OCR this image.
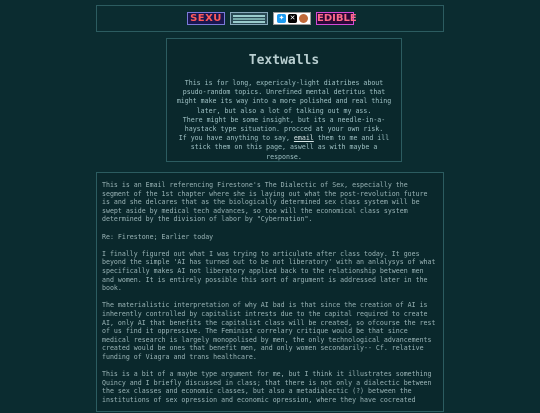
SEXU	✦ ✕ EDIBLE
Textwalls

This is for long, expericaly-light diatribes about psudo-random topics. Unrefined mental detritus that might make its way into a more polished and real thing later, but also a lot of talking out my ass.

There might be some insight, but its a needle-in-a-haystack type situation. procced at your own risk.

If you have anything to say, email them to me and ill stick them on this page, aswell as with maybe a response.

This is an Email referencing Firestone's The Dialectic of Sex, especially the segment of the 1st chapter where she is laying out what the post-revolution future is and she delcares that as the biologically determined sex class system will be swept aside by medical tech advances, so too will the economical class system determined by the division of labor by "Cybernation".

Re: Firestone; Earlier today

I finally figured out what I was trying to articulate after class today. It goes beyond the simple 'AI has turned out to be not liberatory' with an anlalysys of what specifically makes AI not liberatory applied back to the relationship between men and women. It is entirely possible this sort of argument is addressed later in the book.

The materialistic interpretation of why AI bad is that since the creation of AI is inherently controlled by capitalist intrests due to the capital required to create AI, only AI that benefits the capitalist class will be created, so ofcourse the rest of us find it oppressive. The Feminist correlary critique would be that since medical research is largely monopolised by men, the only technological advancements created would be ones that benefit men, and only women secondarily-- Cf. relative funding of Viagra and trans healthcare.

This is a bit of a maybe type argument for me, but I think it illustrates something Quincy and I briefly discussed in class; that there is not only a dialectic between the sex classes and economic classes, but also a metadialectic (?) between the institutions of sex opression and economic opression, where they have cocreated
